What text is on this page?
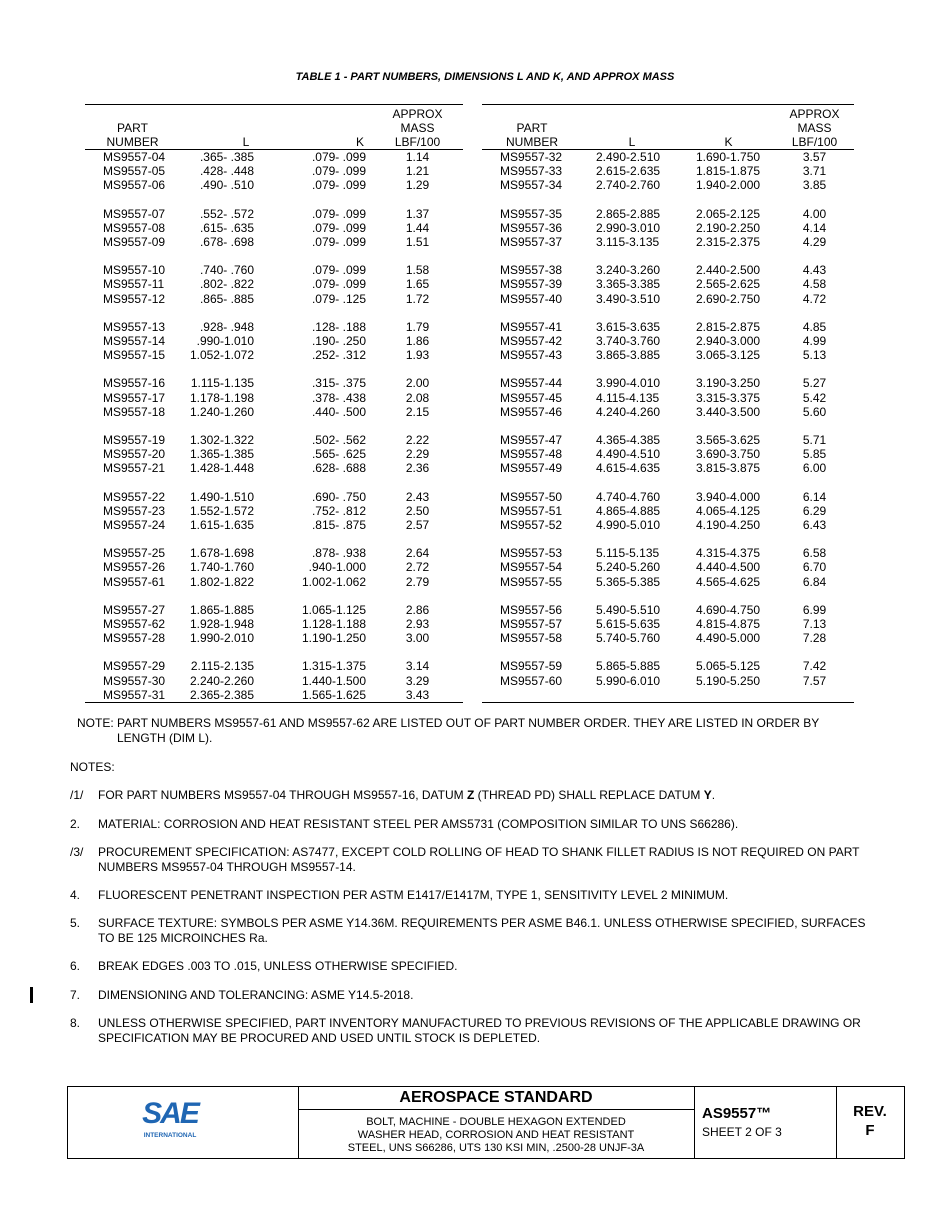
TABLE 1 - PART NUMBERS, DIMENSIONS L AND K, AND APPROX MASS
			APPROX
PART			MASS
NUMBER	L	K	LBF/100
MS9557-04	.365- .385	.079- .099	1.14
MS9557-05	.428- .448	.079- .099	1.21
MS9557-06	.490- .510	.079- .099	1.29

MS9557-07	.552- .572	.079- .099	1.37
MS9557-08	.615- .635	.079- .099	1.44
MS9557-09	.678- .698	.079- .099	1.51

MS9557-10	.740- .760	.079- .099	1.58
MS9557-11	.802- .822	.079- .099	1.65
MS9557-12	.865- .885	.079- .125	1.72

MS9557-13	.928- .948	.128- .188	1.79
MS9557-14	.990-1.010	.190- .250	1.86
MS9557-15	1.052-1.072	.252- .312	1.93

MS9557-16	1.115-1.135	.315- .375	2.00
MS9557-17	1.178-1.198	.378- .438	2.08
MS9557-18	1.240-1.260	.440- .500	2.15

MS9557-19	1.302-1.322	.502- .562	2.22
MS9557-20	1.365-1.385	.565- .625	2.29
MS9557-21	1.428-1.448	.628- .688	2.36

MS9557-22	1.490-1.510	.690- .750	2.43
MS9557-23	1.552-1.572	.752- .812	2.50
MS9557-24	1.615-1.635	.815- .875	2.57

MS9557-25	1.678-1.698	.878- .938	2.64
MS9557-26	1.740-1.760	.940-1.000	2.72
MS9557-61	1.802-1.822	1.002-1.062	2.79

MS9557-27	1.865-1.885	1.065-1.125	2.86
MS9557-62	1.928-1.948	1.128-1.188	2.93
MS9557-28	1.990-2.010	1.190-1.250	3.00

MS9557-29	2.115-2.135	1.315-1.375	3.14
MS9557-30	2.240-2.260	1.440-1.500	3.29
MS9557-31	2.365-2.385	1.565-1.625	3.43
			APPROX
PART			MASS
NUMBER	L	K	LBF/100
MS9557-32	2.490-2.510	1.690-1.750	3.57
MS9557-33	2.615-2.635	1.815-1.875	3.71
MS9557-34	2.740-2.760	1.940-2.000	3.85

MS9557-35	2.865-2.885	2.065-2.125	4.00
MS9557-36	2.990-3.010	2.190-2.250	4.14
MS9557-37	3.115-3.135	2.315-2.375	4.29

MS9557-38	3.240-3.260	2.440-2.500	4.43
MS9557-39	3.365-3.385	2.565-2.625	4.58
MS9557-40	3.490-3.510	2.690-2.750	4.72

MS9557-41	3.615-3.635	2.815-2.875	4.85
MS9557-42	3.740-3.760	2.940-3.000	4.99
MS9557-43	3.865-3.885	3.065-3.125	5.13

MS9557-44	3.990-4.010	3.190-3.250	5.27
MS9557-45	4.115-4.135	3.315-3.375	5.42
MS9557-46	4.240-4.260	3.440-3.500	5.60

MS9557-47	4.365-4.385	3.565-3.625	5.71
MS9557-48	4.490-4.510	3.690-3.750	5.85
MS9557-49	4.615-4.635	3.815-3.875	6.00

MS9557-50	4.740-4.760	3.940-4.000	6.14
MS9557-51	4.865-4.885	4.065-4.125	6.29
MS9557-52	4.990-5.010	4.190-4.250	6.43

MS9557-53	5.115-5.135	4.315-4.375	6.58
MS9557-54	5.240-5.260	4.440-4.500	6.70
MS9557-55	5.365-5.385	4.565-4.625	6.84

MS9557-56	5.490-5.510	4.690-4.750	6.99
MS9557-57	5.615-5.635	4.815-4.875	7.13
MS9557-58	5.740-5.760	4.490-5.000	7.28

MS9557-59	5.865-5.885	5.065-5.125	7.42
MS9557-60	5.990-6.010	5.190-5.250	7.57

NOTE: PART NUMBERS MS9557-61 AND MS9557-62 ARE LISTED OUT OF PART NUMBER ORDER. THEY ARE LISTED IN ORDER BY LENGTH (DIM L).
NOTES:
/1/ FOR PART NUMBERS MS9557-04 THROUGH MS9557-16, DATUM Z (THREAD PD) SHALL REPLACE DATUM Y.
2. MATERIAL: CORROSION AND HEAT RESISTANT STEEL PER AMS5731 (COMPOSITION SIMILAR TO UNS S66286).
/3/ PROCUREMENT SPECIFICATION: AS7477, EXCEPT COLD ROLLING OF HEAD TO SHANK FILLET RADIUS IS NOT REQUIRED ON PART NUMBERS MS9557-04 THROUGH MS9557-14.
4. FLUORESCENT PENETRANT INSPECTION PER ASTM E1417/E1417M, TYPE 1, SENSITIVITY LEVEL 2 MINIMUM.
5. SURFACE TEXTURE: SYMBOLS PER ASME Y14.36M. REQUIREMENTS PER ASME B46.1. UNLESS OTHERWISE SPECIFIED, SURFACES TO BE 125 MICROINCHES Ra.
6. BREAK EDGES .003 TO .015, UNLESS OTHERWISE SPECIFIED.
7. DIMENSIONING AND TOLERANCING: ASME Y14.5-2018.
8. UNLESS OTHERWISE SPECIFIED, PART INVENTORY MANUFACTURED TO PREVIOUS REVISIONS OF THE APPLICABLE DRAWING OR SPECIFICATION MAY BE PROCURED AND USED UNTIL STOCK IS DEPLETED.
SAE
INTERNATIONAL
AEROSPACE STANDARD
BOLT, MACHINE - DOUBLE HEXAGON EXTENDED
WASHER HEAD, CORROSION AND HEAT RESISTANT
STEEL, UNS S66286, UTS 130 KSI MIN, .2500-28 UNJF-3A
AS9557™
SHEET 2 OF 3
REV.
F
